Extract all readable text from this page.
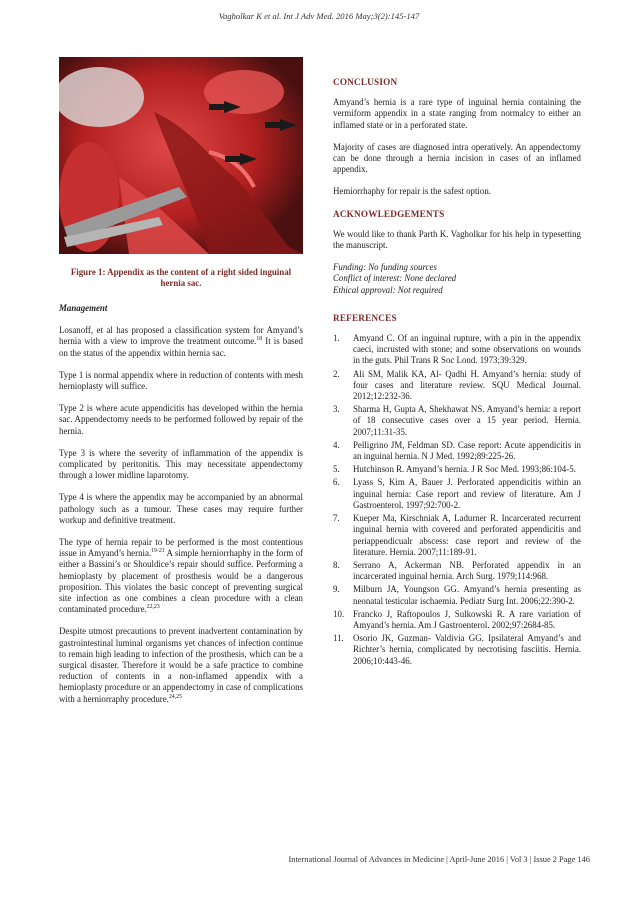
Vagholkar K et al. Int J Adv Med. 2016 May;3(2):145-147
Figure 1: Appendix as the content of a right sided inguinal hernia sac.
Management

Losanoff, et al has proposed a classification system for Amyand’s hernia with a view to improve the treatment outcome.$^{18}$ It is based on the status of the appendix within hernia sac.

Type 1 is normal appendix where in reduction of contents with mesh hernioplasty will suffice.

Type 2 is where acute appendicitis has developed within the hernia sac. Appendectomy needs to be performed followed by repair of the hernia.

Type 3 is where the severity of inflammation of the appendix is complicated by peritonitis. This may necessitate appendectomy through a lower midline laparotomy.

Type 4 is where the appendix may be accompanied by an abnormal pathology such as a tumour. These cases may require further workup and definitive treatment.

The type of hernia repair to be performed is the most contentious issue in Amyand’s hernia.$^{19-21}$ A simple herniorrhaphy in the form of either a Bassini’s or Shouldice’s repair should suffice. Performing a hemioplasty by placement of prosthesis would be a dangerous proposition. This violates the basic concept of preventing surgical site infection as one combines a clean procedure with a clean contaminated procedure.$^{22,23}$

Despite utmost precautions to prevent inadvertent contamination by gastrointestinal luminal organisms yet chances of infection continue to remain high leading to infection of the prosthesis, which can be a surgical disaster. Therefore it would be a safe practice to combine reduction of contents in a non-inflamed appendix with a hemioplasty procedure or an appendectomy in case of complications with a herniorraphy procedure.$^{24,25}$

CONCLUSION

Amyand’s hernia is a rare type of inguinal hernia containing the vermiform appendix in a state ranging from normalcy to either an inflamed state or in a perforated state.

Majority of cases are diagnosed intra operatively. An appendectomy can be done through a hernia incision in cases of an inflamed appendix.

Hemiorrhaphy for repair is the safest option.

ACKNOWLEDGEMENTS

We would like to thank Parth K. Vagholkar for his help in typesetting the manuscript.

Funding: No funding sources

Conflict of interest: None declared

Ethical approval: Not required

REFERENCES
1.	Amyand C. Of an inguinal rupture, with a pin in the appendix caeci, incrusted with stone; and some observations on wounds in the guts. Phil Trans R Soc Lond. 1973;39:329.
2.	Ali SM, Malik KA, Al- Qadhi H. Amyand’s hernia: study of four cases and literature review. SQU Medical Journal. 2012;12:232-36.
3.	Sharma H, Gupta A, Shekhawat NS. Amyand’s hernia: a report of 18 consecutive cases over a 15 year period. Hernia. 2007;11:31-35.
4.	Pelligrino JM, Feldman SD. Case report: Acute appendicitis in an inguinal hernia. N J Med. 1992;89:225-26.
5.	Hutchinson R. Amyand’s hernia. J R Soc Med. 1993;86:104-5.
6.	Lyass S, Kim A, Bauer J. Perforated appendicitis within an inguinal hernia: Case report and review of literature. Am J Gastroenterol. 1997;92:700-2.
7.	Kueper Ma, Kirschniak A, Ladurner R. Incarcerated recurrent inguinal hernia with covered and perforated appendicitis and periappendicualr abscess: case report and review of the literature. Hernia. 2007;11:189-91.
8.	Serrano A, Ackerman NB. Perforated appendix in an incarcerated inguinal hernia. Arch Surg. 1979;114:968.
9.	Milburn JA, Youngson GG. Amyand’s hernia presenting as neonatal testicular ischaemia. Pediatr Surg Int. 2006;22:390-2.
10.	Francko J, Raftopoulos J, Sulkowski R. A rare variation of Amyand’s hernia. Am J Gastroenterol. 2002;97:2684-85.
11.	Osorio JK, Guzman- Valdivia GG. Ipsilateral Amyand’s and Richter’s hernia, complicated by necrotising fasciitis. Hernia. 2006;10:443-46.
International Journal of Advances in Medicine | April-June 2016 | Vol 3 | Issue 2 Page 146
